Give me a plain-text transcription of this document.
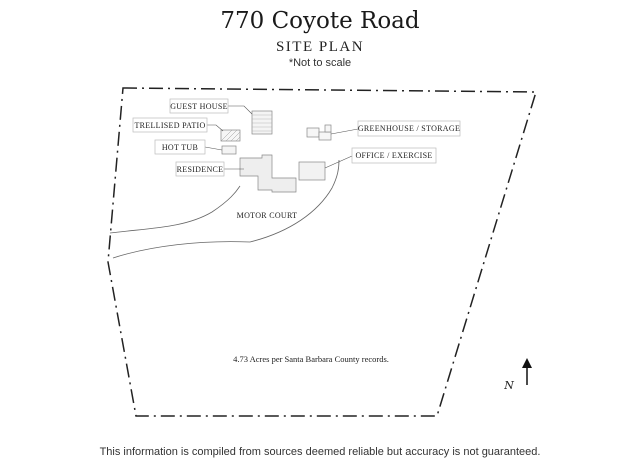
770 Coyote Road
SITE PLAN
*Not to scale
GUEST HOUSE
TRELLISED PATIO
HOT TUB
RESIDENCE
GREENHOUSE / STORAGE
OFFICE / EXERCISE
MOTOR COURT
4.73 Acres per Santa Barbara County records.
N
This information is compiled from sources deemed reliable but accuracy is not guaranteed.
